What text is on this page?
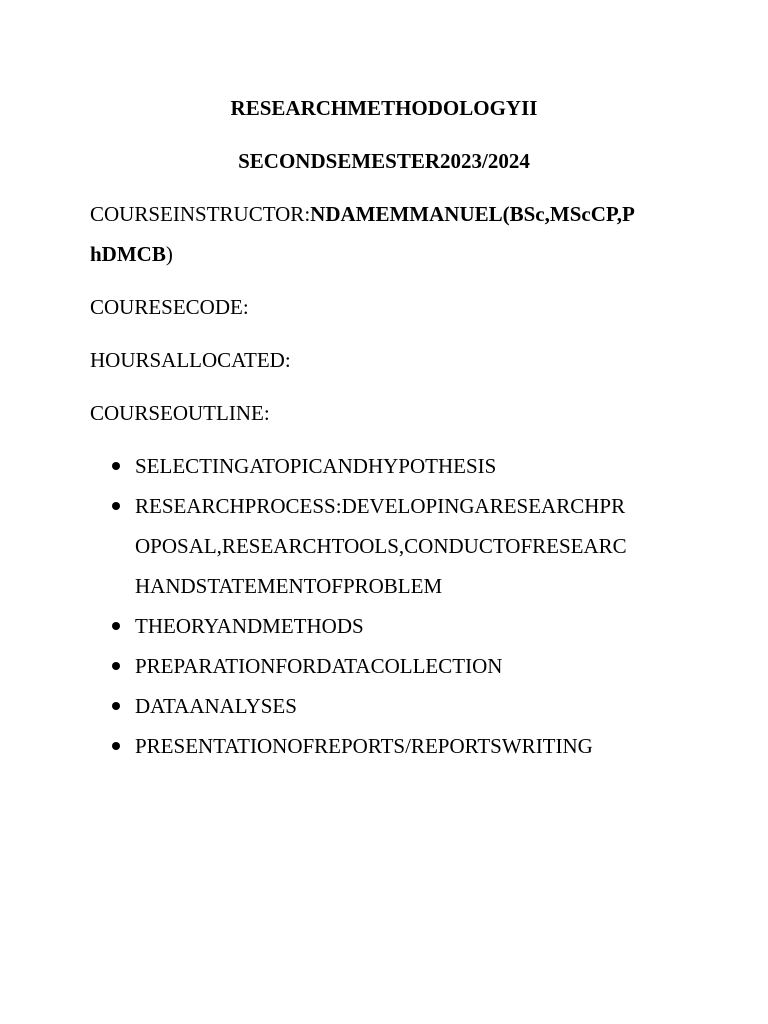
RESEARCHMETHODOLOGYII
SECONDSEMESTER2023/2024
COURSEINSTRUCTOR:NDAMEMMANUEL(BSc,MScCP,P
hDMCB)
COURESECODE:
HOURSALLOCATED:
COURSEOUTLINE:
SELECTINGATOPICANDHYPOTHESIS
RESEARCHPROCESS:DEVELOPINGARESEARCHPR
OPOSAL,RESEARCHTOOLS,CONDUCTOFRESEARC
HANDSTATEMENTOFPROBLEM
THEORYANDMETHODS
PREPARATIONFORDATACOLLECTION
DATAANALYSES
PRESENTATIONOFREPORTS/REPORTSWRITING
